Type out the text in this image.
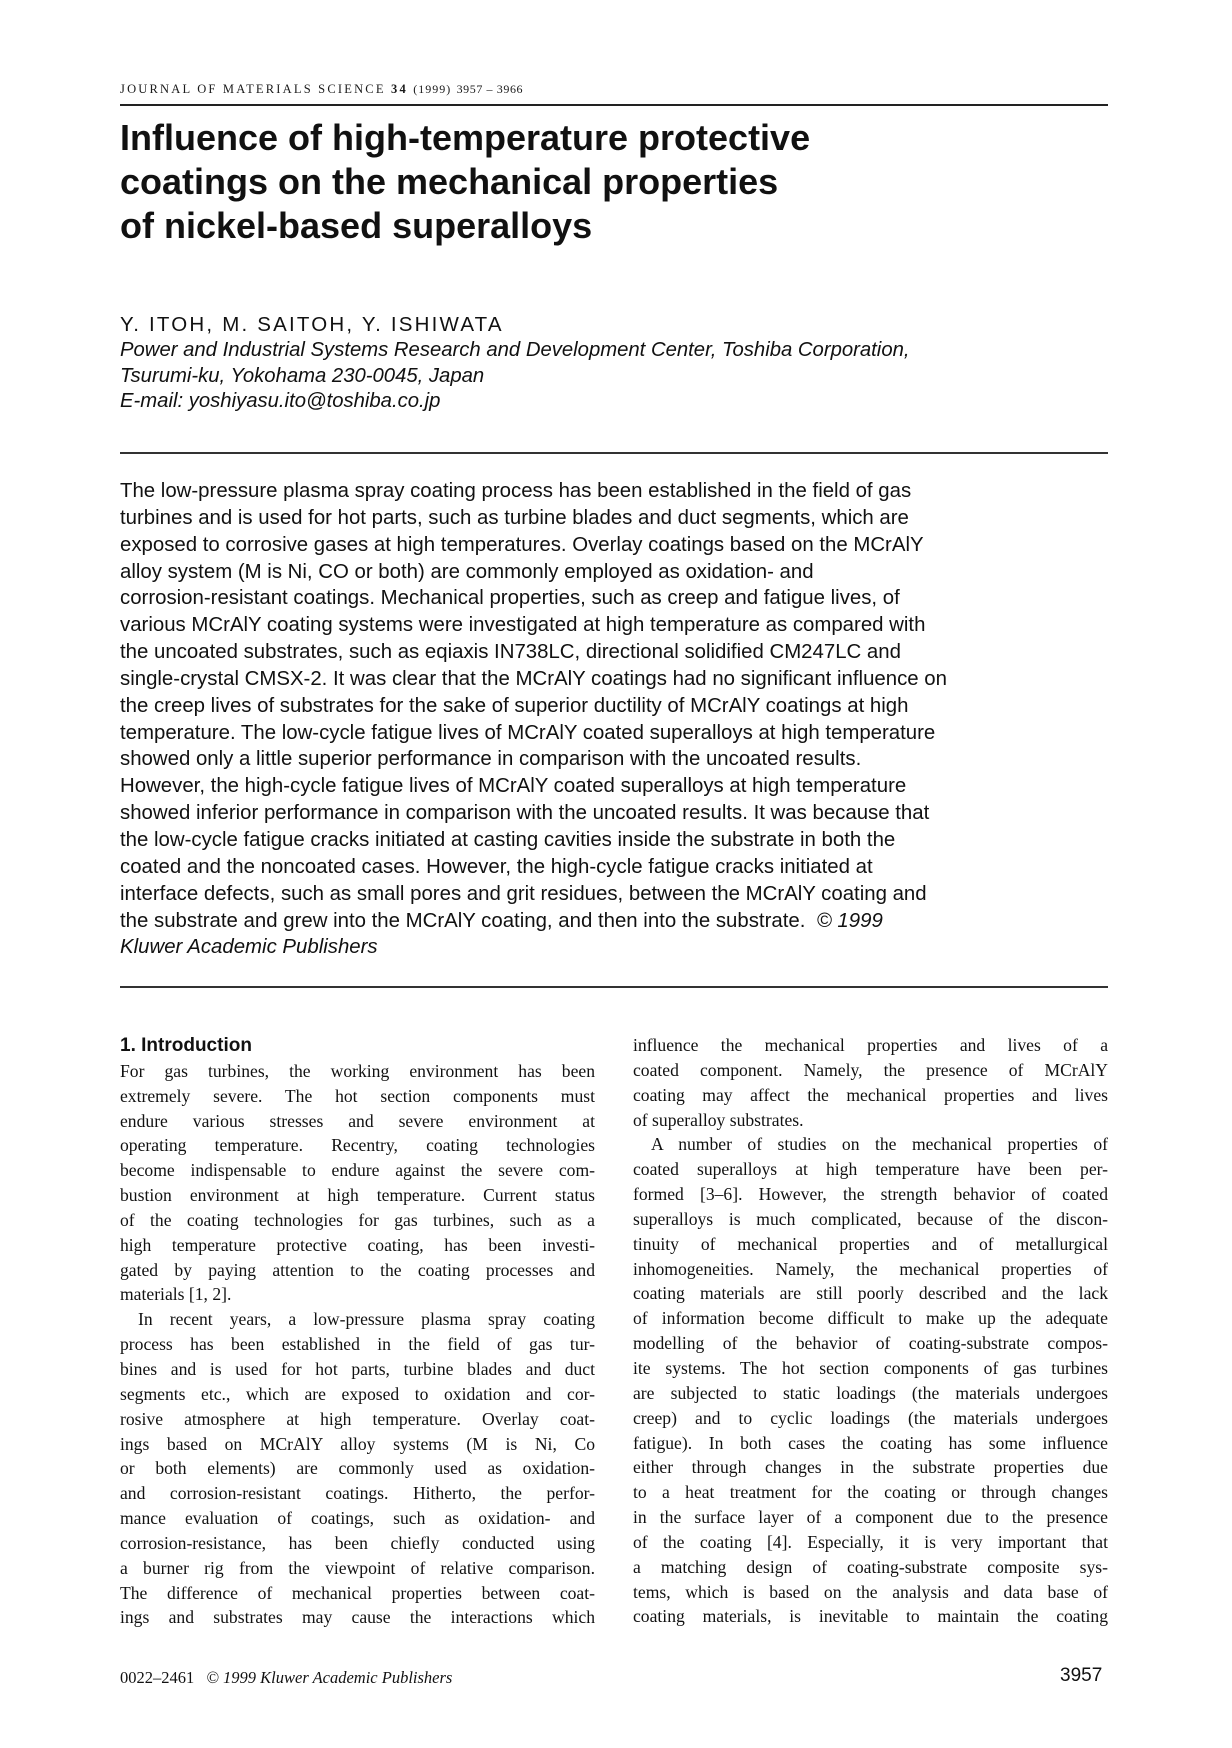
JOURNAL OF MATERIALS SCIENCE 34 (1999) 3957 – 3966
Influence of high-temperature protective
coatings on the mechanical properties
of nickel-based superalloys
Y. ITOH, M. SAITOH, Y. ISHIWATA
Power and Industrial Systems Research and Development Center, Toshiba Corporation,
Tsurumi-ku, Yokohama 230-0045, Japan
E-mail: yoshiyasu.ito@toshiba.co.jp
The low-pressure plasma spray coating process has been established in the field of gas
turbines and is used for hot parts, such as turbine blades and duct segments, which are
exposed to corrosive gases at high temperatures. Overlay coatings based on the MCrAlY
alloy system (M is Ni, CO or both) are commonly employed as oxidation- and
corrosion-resistant coatings. Mechanical properties, such as creep and fatigue lives, of
various MCrAlY coating systems were investigated at high temperature as compared with
the uncoated substrates, such as eqiaxis IN738LC, directional solidified CM247LC and
single-crystal CMSX-2. It was clear that the MCrAlY coatings had no significant influence on
the creep lives of substrates for the sake of superior ductility of MCrAlY coatings at high
temperature. The low-cycle fatigue lives of MCrAlY coated superalloys at high temperature
showed only a little superior performance in comparison with the uncoated results.
However, the high-cycle fatigue lives of MCrAlY coated superalloys at high temperature
showed inferior performance in comparison with the uncoated results. It was because that
the low-cycle fatigue cracks initiated at casting cavities inside the substrate in both the
coated and the noncoated cases. However, the high-cycle fatigue cracks initiated at
interface defects, such as small pores and grit residues, between the MCrAlY coating and
the substrate and grew into the MCrAlY coating, and then into the substrate. © 1999
Kluwer Academic Publishers
1. Introduction
For gas turbines, the working environment has been
extremely severe. The hot section components must
endure various stresses and severe environment at
operating temperature. Recentry, coating technologies
become indispensable to endure against the severe com-
bustion environment at high temperature. Current status
of the coating technologies for gas turbines, such as a
high temperature protective coating, has been investi-
gated by paying attention to the coating processes and
materials [1, 2].
In recent years, a low-pressure plasma spray coating
process has been established in the field of gas tur-
bines and is used for hot parts, turbine blades and duct
segments etc., which are exposed to oxidation and cor-
rosive atmosphere at high temperature. Overlay coat-
ings based on MCrAlY alloy systems (M is Ni, Co
or both elements) are commonly used as oxidation-
and corrosion-resistant coatings. Hitherto, the perfor-
mance evaluation of coatings, such as oxidation- and
corrosion-resistance, has been chiefly conducted using
a burner rig from the viewpoint of relative comparison.
The difference of mechanical properties between coat-
ings and substrates may cause the interactions which
influence the mechanical properties and lives of a
coated component. Namely, the presence of MCrAlY
coating may affect the mechanical properties and lives
of superalloy substrates.
A number of studies on the mechanical properties of
coated superalloys at high temperature have been per-
formed [3–6]. However, the strength behavior of coated
superalloys is much complicated, because of the discon-
tinuity of mechanical properties and of metallurgical
inhomogeneities. Namely, the mechanical properties of
coating materials are still poorly described and the lack
of information become difficult to make up the adequate
modelling of the behavior of coating-substrate compos-
ite systems. The hot section components of gas turbines
are subjected to static loadings (the materials undergoes
creep) and to cyclic loadings (the materials undergoes
fatigue). In both cases the coating has some influence
either through changes in the substrate properties due
to a heat treatment for the coating or through changes
in the surface layer of a component due to the presence
of the coating [4]. Especially, it is very important that
a matching design of coating-substrate composite sys-
tems, which is based on the analysis and data base of
coating materials, is inevitable to maintain the coating
0022–2461 © 1999 Kluwer Academic Publishers	3957
